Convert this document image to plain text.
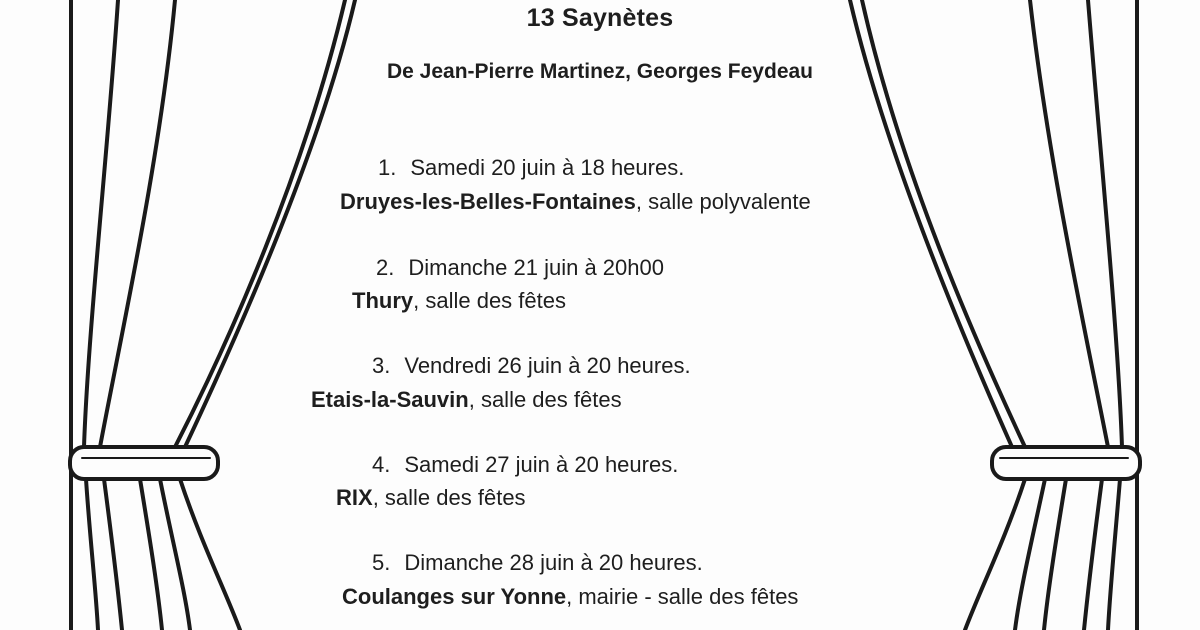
13 Saynètes
De Jean-Pierre Martinez, Georges Feydeau
1. Samedi 20 juin à 18 heures.
Druyes-les-Belles-Fontaines, salle polyvalente
2. Dimanche 21 juin à 20h00
Thury, salle des fêtes
3. Vendredi 26 juin à 20 heures.
Etais-la-Sauvin, salle des fêtes
4. Samedi 27 juin à 20 heures.
RIX, salle des fêtes
5. Dimanche 28 juin à 20 heures.
Coulanges sur Yonne, mairie - salle des fêtes
